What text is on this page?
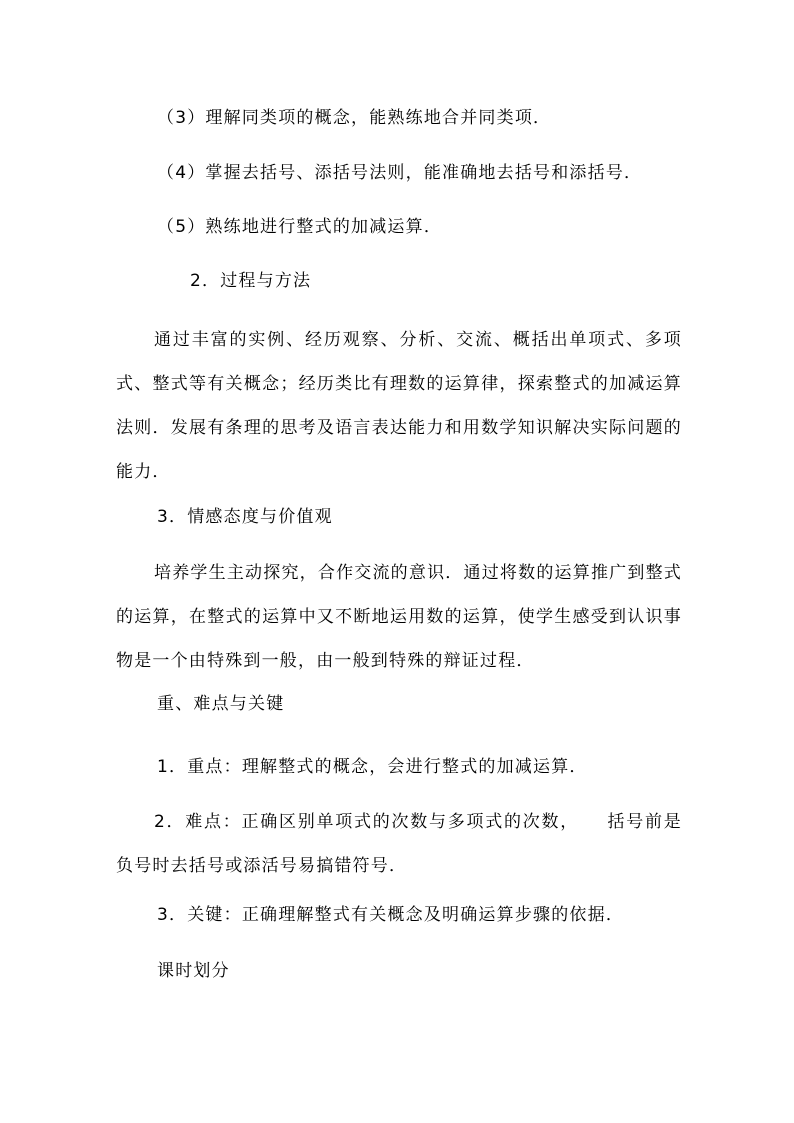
（3）理解同类项的概念，能熟练地合并同类项．
（4）掌握去括号、添括号法则，能准确地去括号和添括号．
（5）熟练地进行整式的加减运算．
2．过程与方法
通过丰富的实例、经历观察、分析、交流、概括出单项式、多项式、整式等有关概念；经历类比有理数的运算律，探索整式的加减运算法则．发展有条理的思考及语言表达能力和用数学知识解决实际问题的能力．
3．情感态度与价值观
培养学生主动探究，合作交流的意识．通过将数的运算推广到整式的运算，在整式的运算中又不断地运用数的运算，使学生感受到认识事物是一个由特殊到一般，由一般到特殊的辩证过程．
重、难点与关键
1．重点：理解整式的概念，会进行整式的加减运算．
2．难点：正确区别单项式的次数与多项式的次数，    括号前是负号时去括号或添活号易搞错符号．
3．关键：正确理解整式有关概念及明确运算步骤的依据．
课时划分
